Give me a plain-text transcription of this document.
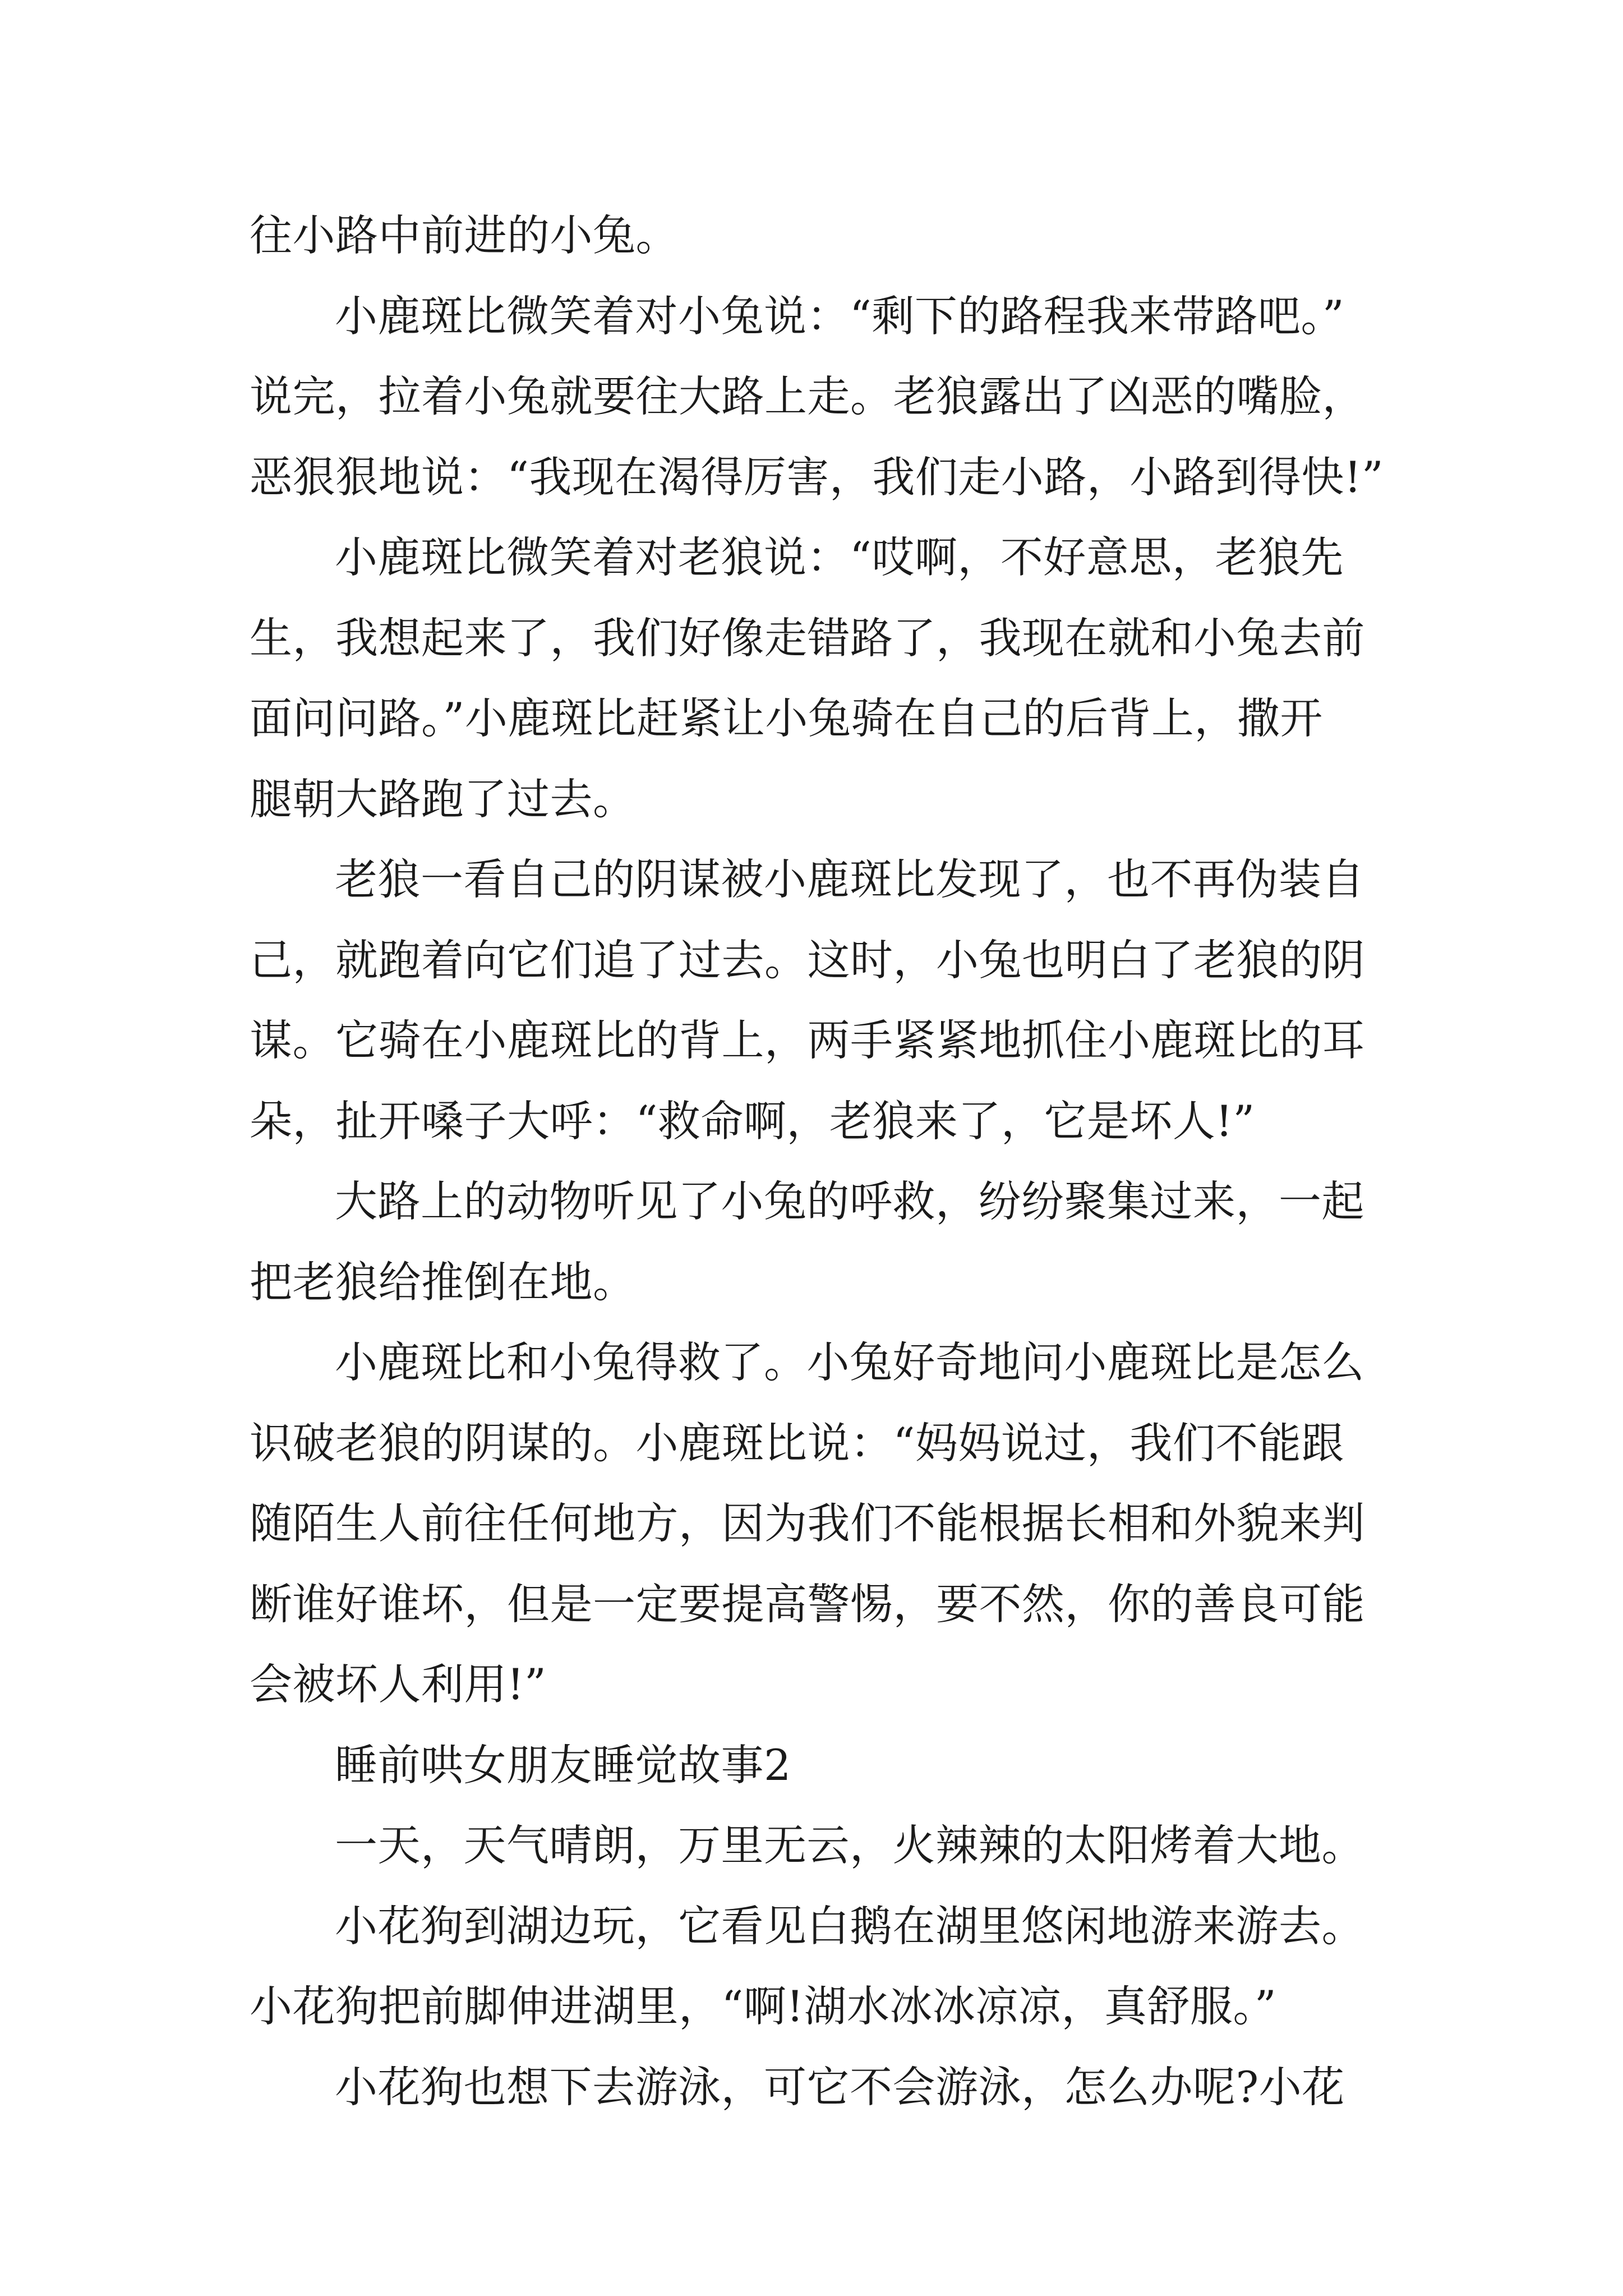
往小路中前进的小兔。
小鹿斑比微笑着对小兔说：“剩下的路程我来带路吧。”
说完，拉着小兔就要往大路上走。老狼露出了凶恶的嘴脸，
恶狠狠地说：“我现在渴得厉害，我们走小路，小路到得快!”
小鹿斑比微笑着对老狼说：“哎啊，不好意思，老狼先
生，我想起来了，我们好像走错路了，我现在就和小兔去前
面问问路。”小鹿斑比赶紧让小兔骑在自己的后背上，撒开
腿朝大路跑了过去。
老狼一看自己的阴谋被小鹿斑比发现了，也不再伪装自
己，就跑着向它们追了过去。这时，小兔也明白了老狼的阴
谋。它骑在小鹿斑比的背上，两手紧紧地抓住小鹿斑比的耳
朵，扯开嗓子大呼：“救命啊，老狼来了，它是坏人!”
大路上的动物听见了小兔的呼救，纷纷聚集过来，一起
把老狼给推倒在地。
小鹿斑比和小兔得救了。小兔好奇地问小鹿斑比是怎么
识破老狼的阴谋的。小鹿斑比说：“妈妈说过，我们不能跟
随陌生人前往任何地方，因为我们不能根据长相和外貌来判
断谁好谁坏，但是一定要提高警惕，要不然，你的善良可能
会被坏人利用!”
睡前哄女朋友睡觉故事2
一天，天气晴朗，万里无云，火辣辣的太阳烤着大地。
小花狗到湖边玩，它看见白鹅在湖里悠闲地游来游去。
小花狗把前脚伸进湖里，“啊!湖水冰冰凉凉，真舒服。”
小花狗也想下去游泳，可它不会游泳，怎么办呢?小花
